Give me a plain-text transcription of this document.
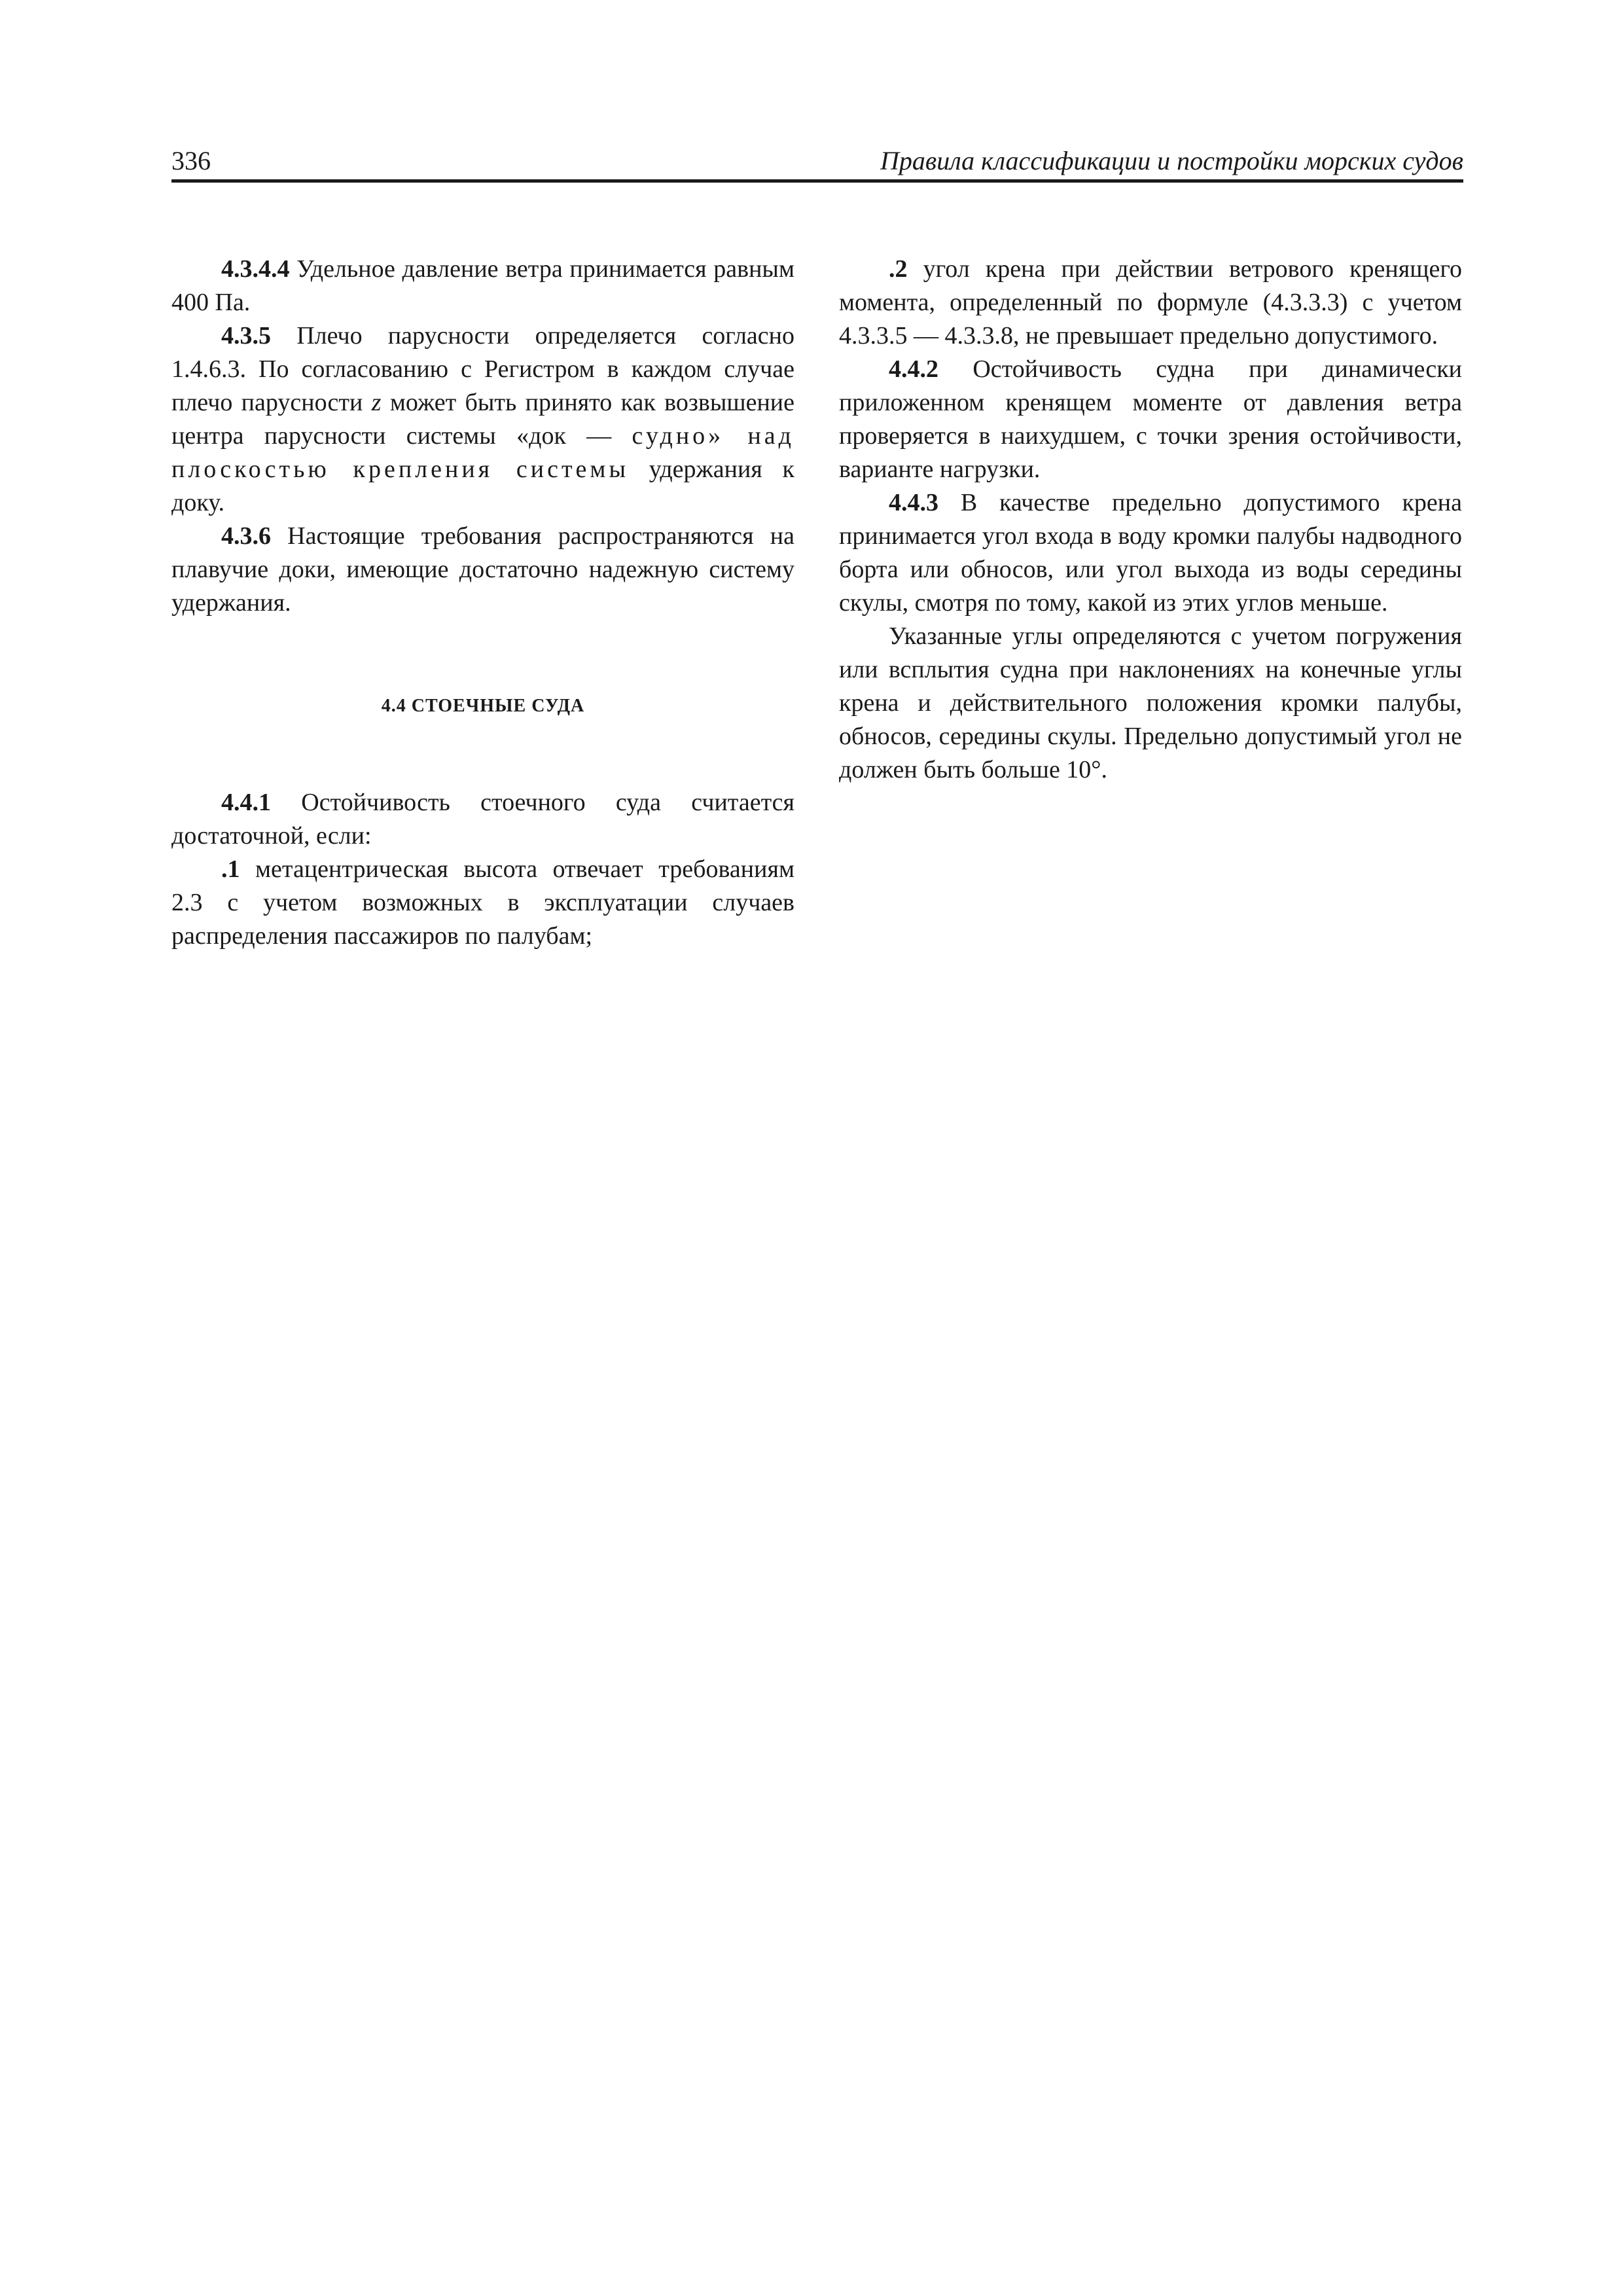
336	Правила классификации и постройки морских судов

4.3.4.4 Удельное давление ветра принимается равным 400 Па.

4.3.5 Плечо парусности определяется согласно 1.4.6.3. По согласованию с Регистром в каждом случае плечо парусности z может быть принято как возвышение центра парусности системы «док — судно» над плоскостью крепления системы удержания к доку.

4.3.6 Настоящие требования распространяются на плавучие доки, имеющие достаточно надежную систему удержания.

4.4 СТОЕЧНЫЕ СУДА

4.4.1 Остойчивость стоечного суда считается достаточной, если:

.1 метацентрическая высота отвечает требованиям 2.3 с учетом возможных в эксплуатации случаев распределения пассажиров по палубам;

.2 угол крена при действии ветрового кренящего момента, определенный по формуле (4.3.3.3) с учетом 4.3.3.5 — 4.3.3.8, не превышает предельно допустимого.

4.4.2 Остойчивость судна при динамически приложенном кренящем моменте от давления ветра проверяется в наихудшем, с точки зрения остойчивости, варианте нагрузки.

4.4.3 В качестве предельно допустимого крена принимается угол входа в воду кромки палубы надводного борта или обносов, или угол выхода из воды середины скулы, смотря по тому, какой из этих углов меньше.

Указанные углы определяются с учетом погружения или всплытия судна при наклонениях на конечные углы крена и действительного положения кромки палубы, обносов, середины скулы. Предельно допустимый угол не должен быть больше 10°.
